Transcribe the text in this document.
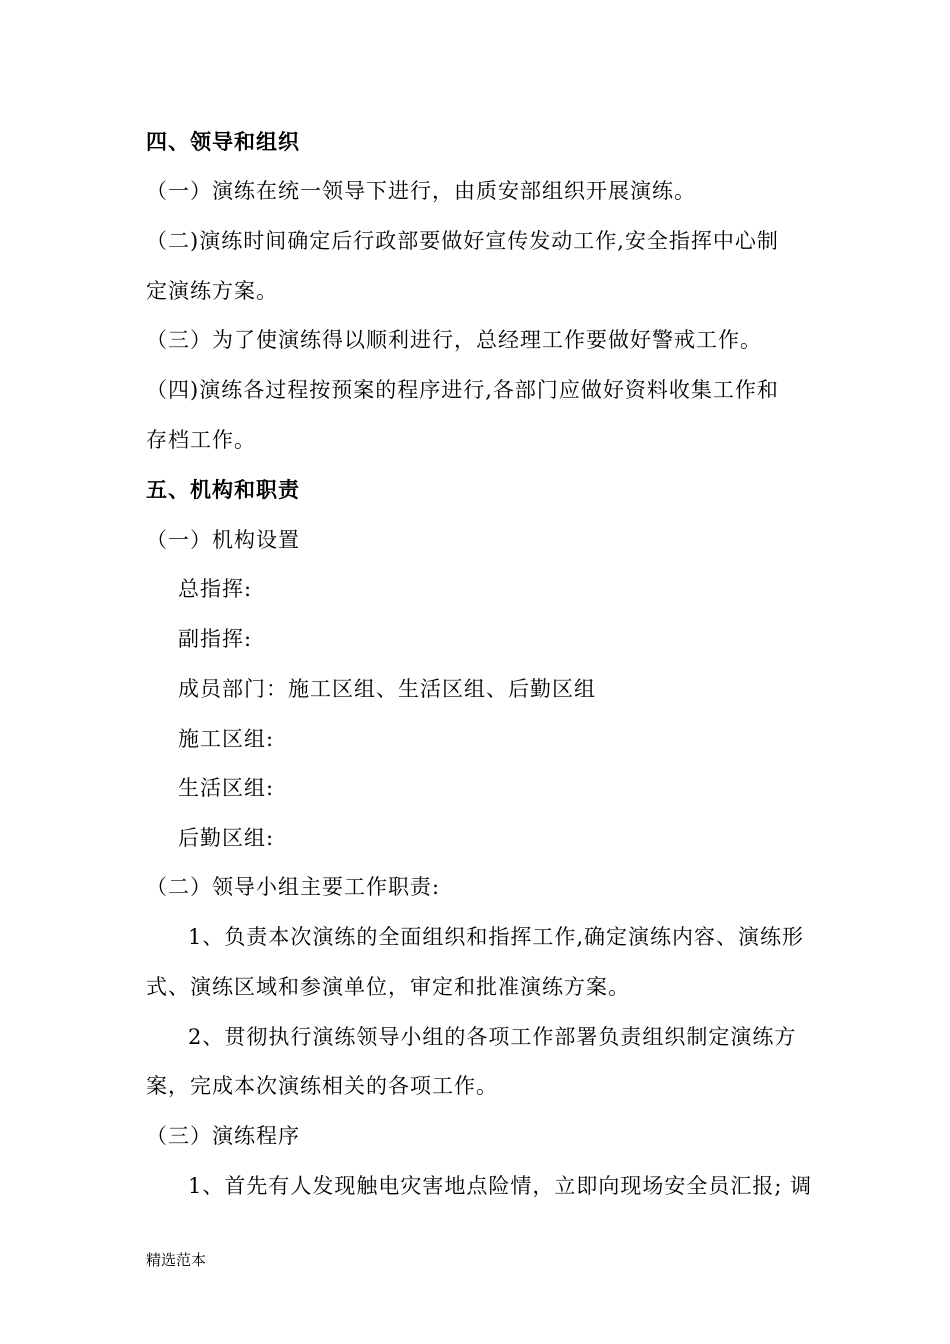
四、领导和组织
（一）演练在统一领导下进行，由质安部组织开展演练。
（二)演练时间确定后行政部要做好宣传发动工作,安全指挥中心制
定演练方案。
（三）为了使演练得以顺利进行，总经理工作要做好警戒工作。
（四)演练各过程按预案的程序进行,各部门应做好资料收集工作和
存档工作。
五、机构和职责
（一）机构设置
总指挥:
副指挥:
成员部门：施工区组、生活区组、后勤区组
施工区组:
生活区组:
后勤区组:
（二）领导小组主要工作职责:
1、负责本次演练的全面组织和指挥工作,确定演练内容、演练形
式、演练区域和参演单位，审定和批准演练方案。
2、贯彻执行演练领导小组的各项工作部署负责组织制定演练方
案，完成本次演练相关的各项工作。
（三）演练程序
1、首先有人发现触电灾害地点险情，立即向现场安全员汇报; 调
精选范本
